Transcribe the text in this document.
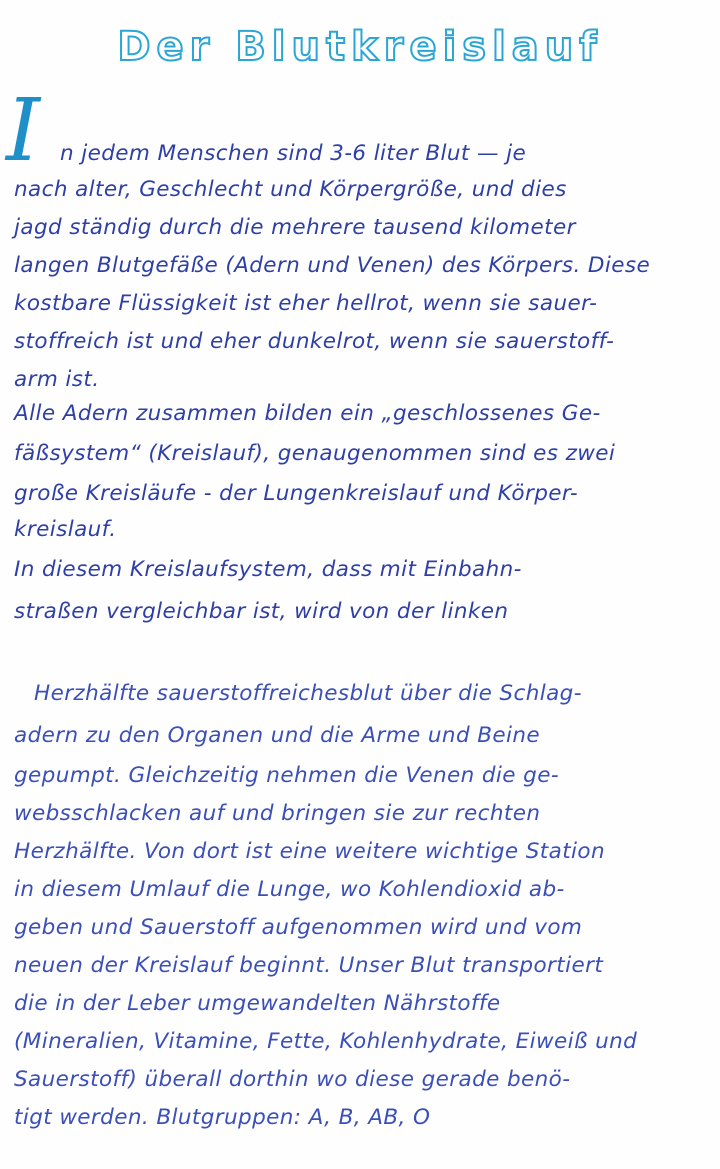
Der Blutkreislauf
I n jedem Menschen sind 3-6 liter Blut — je
nach alter, Geschlecht und Körpergröße, und dies
jagd ständig durch die mehrere tausend kilometer
langen Blutgefäße (Adern und Venen) des Körpers. Diese
kostbare Flüssigkeit ist eher hellrot, wenn sie sauer-
stoffreich ist und eher dunkelrot, wenn sie sauerstoff-
arm ist.
Alle Adern zusammen bilden ein „geschlossenes Ge-
fäßsystem“ (Kreislauf), genaugenommen sind es zwei
große Kreisläufe - der Lungenkreislauf und Körper-
kreislauf.
In diesem Kreislaufsystem, dass mit Einbahn-
straßen vergleichbar ist, wird von der linken
Herzhälfte sauerstoffreichesblut über die Schlag-
adern zu den Organen und die Arme und Beine
gepumpt. Gleichzeitig nehmen die Venen die ge-
websschlacken auf und bringen sie zur rechten
Herzhälfte. Von dort ist eine weitere wichtige Station
in diesem Umlauf die Lunge, wo Kohlendioxid ab-
geben und Sauerstoff aufgenommen wird und vom
neuen der Kreislauf beginnt. Unser Blut transportiert
die in der Leber umgewandelten Nährstoffe
(Mineralien, Vitamine, Fette, Kohlenhydrate, Eiweiß und
Sauerstoff) überall dorthin wo diese gerade benö-
tigt werden. Blutgruppen: A, B, AB, O
